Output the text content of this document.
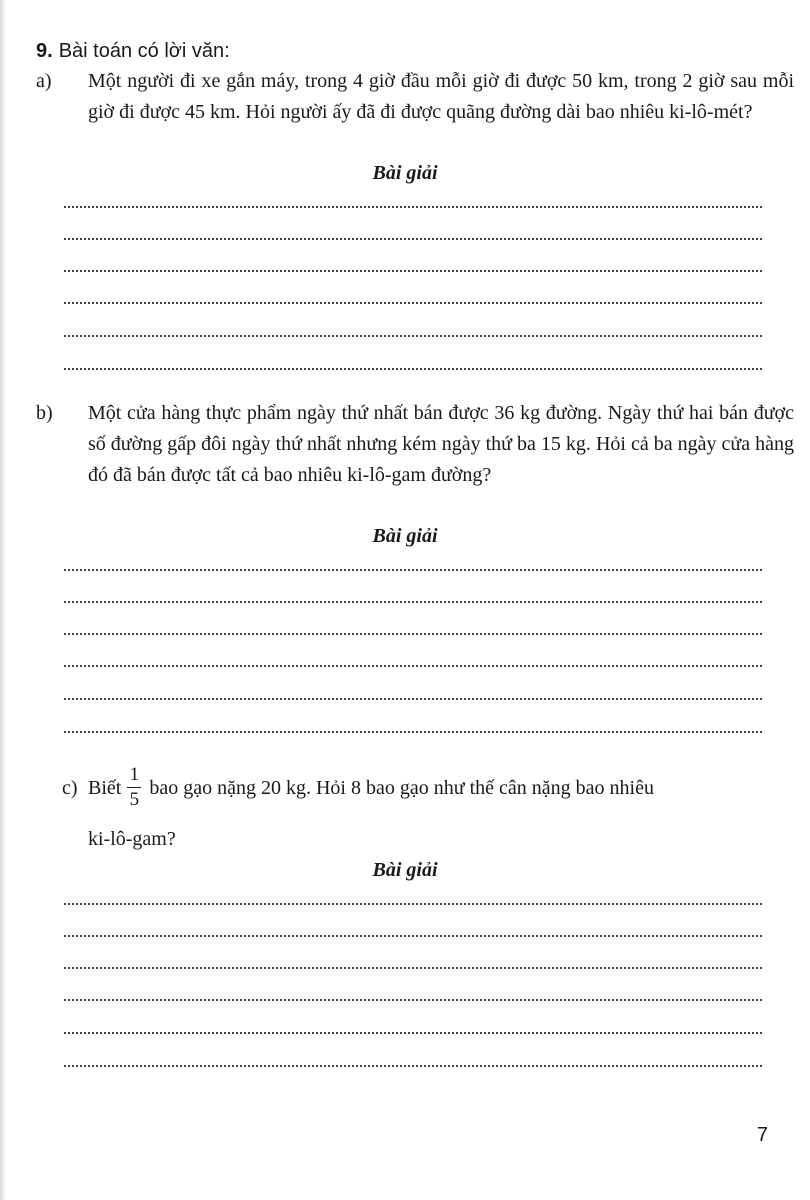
9. Bài toán có lời văn:
a) Một người đi xe gắn máy, trong 4 giờ đầu mỗi giờ đi được 50 km, trong 2 giờ sau mỗi giờ đi được 45 km. Hỏi người ấy đã đi được quãng đường dài bao nhiêu ki-lô-mét?
Bài giải
b) Một cửa hàng thực phẩm ngày thứ nhất bán được 36 kg đường. Ngày thứ hai bán được số đường gấp đôi ngày thứ nhất nhưng kém ngày thứ ba 15 kg. Hỏi cả ba ngày cửa hàng đó đã bán được tất cả bao nhiêu ki-lô-gam đường?
Bài giải
c) Biết $\frac{1}{5}$ bao gạo nặng 20 kg. Hỏi 8 bao gạo như thế cân nặng bao nhiêu
ki-lô-gam?
Bài giải
7
